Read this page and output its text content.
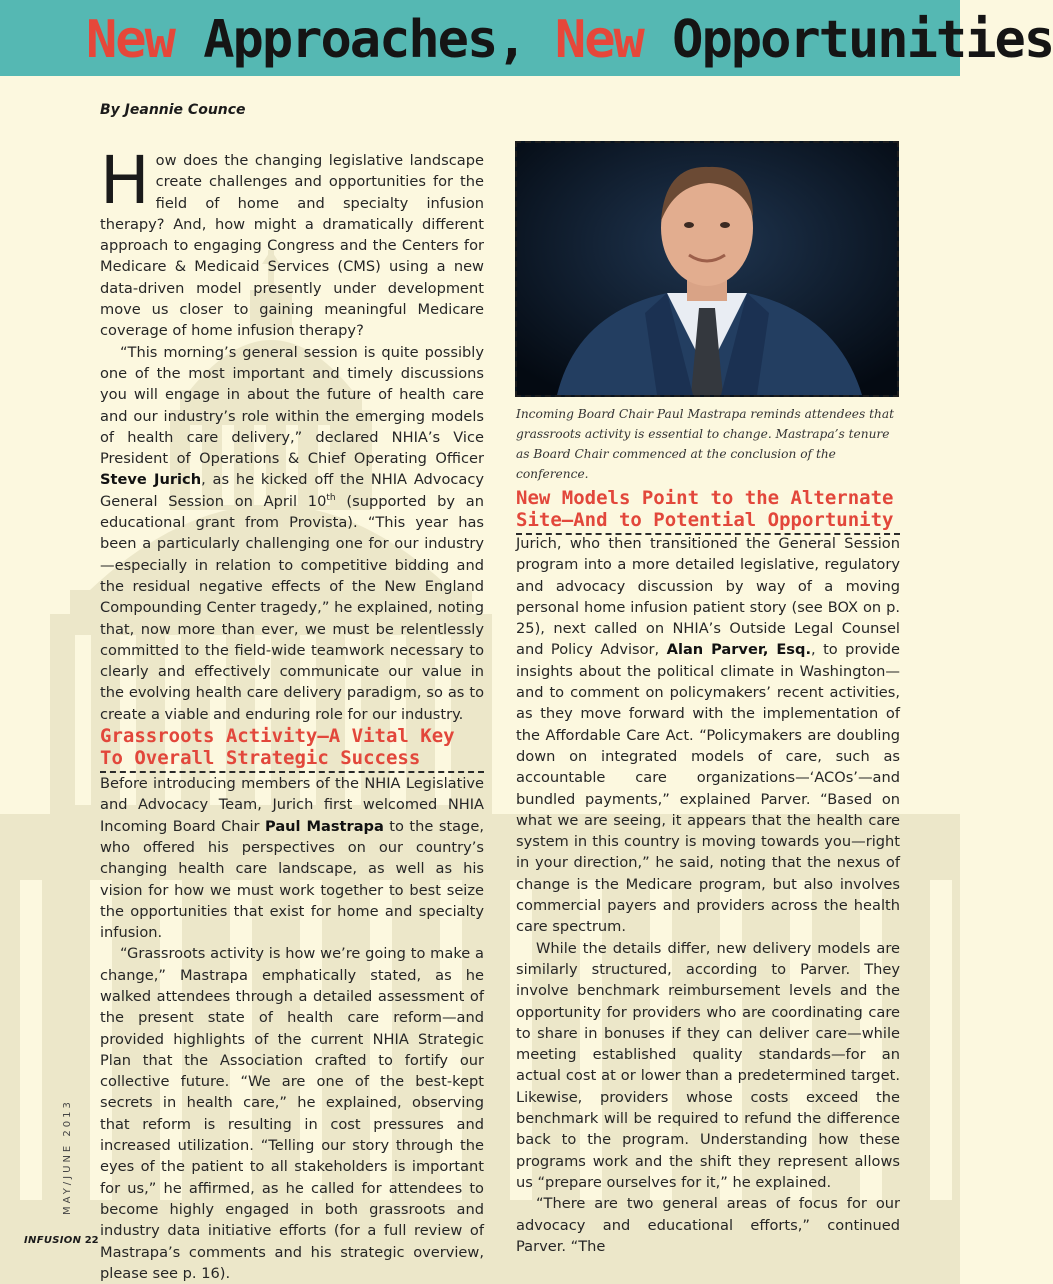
New Approaches, New Opportunities

By Jeannie Counce

How does the changing legislative landscape create challenges and opportunities for the field of home and specialty infusion therapy? And, how might a dramatically different approach to engaging Congress and the Centers for Medicare & Medicaid Services (CMS) using a new data-driven model presently under development move us closer to gaining meaningful Medicare coverage of home infusion therapy?

“This morning’s general session is quite possibly one of the most important and timely discussions you will engage in about the future of health care and our industry’s role within the emerging models of health care delivery,” declared NHIA’s Vice President of Operations & Chief Operating Officer Steve Jurich, as he kicked off the NHIA Advocacy General Session on April 10th (supported by an educational grant from Provista). “This year has been a particularly challenging one for our industry—especially in relation to competitive bidding and the residual negative effects of the New England Compounding Center tragedy,” he explained, noting that, now more than ever, we must be relentlessly committed to the field-wide teamwork necessary to clearly and effectively communicate our value in the evolving health care delivery paradigm, so as to create a viable and enduring role for our industry.

Grassroots Activity—A Vital Key To Overall Strategic Success

Before introducing members of the NHIA Legislative and Advocacy Team, Jurich first welcomed NHIA Incoming Board Chair Paul Mastrapa to the stage, who offered his perspectives on our country’s changing health care landscape, as well as his vision for how we must work together to best seize the opportunities that exist for home and specialty infusion.

“Grassroots activity is how we’re going to make a change,” Mastrapa emphatically stated, as he walked attendees through a detailed assessment of the present state of health care reform—and provided highlights of the current NHIA Strategic Plan that the Association crafted to fortify our collective future. “We are one of the best-kept secrets in health care,” he explained, observing that reform is resulting in cost pressures and increased utilization. “Telling our story through the eyes of the patient to all stakeholders is important for us,” he affirmed, as he called for attendees to become highly engaged in both grassroots and industry data initiative efforts (for a full review of Mastrapa’s comments and his strategic overview, please see p. 16).

Incoming Board Chair Paul Mastrapa reminds attendees that grassroots activity is essential to change. Mastrapa’s tenure as Board Chair commenced at the conclusion of the conference.

New Models Point to the Alternate Site—And to Potential Opportunity

Jurich, who then transitioned the General Session program into a more detailed legislative, regulatory and advocacy discussion by way of a moving personal home infusion patient story (see BOX on p. 25), next called on NHIA’s Outside Legal Counsel and Policy Advisor, Alan Parver, Esq., to provide insights about the political climate in Washington—and to comment on policymakers’ recent activities, as they move forward with the implementation of the Affordable Care Act. “Policymakers are doubling down on integrated models of care, such as accountable care organizations—‘ACOs’—and bundled payments,” explained Parver. “Based on what we are seeing, it appears that the health care system in this country is moving towards you—right in your direction,” he said, noting that the nexus of change is the Medicare program, but also involves commercial payers and providers across the health care spectrum.

While the details differ, new delivery models are similarly structured, according to Parver. They involve benchmark reimbursement levels and the opportunity for providers who are coordinating care to share in bonuses if they can deliver care—while meeting established quality standards—for an actual cost at or lower than a predetermined target. Likewise, providers whose costs exceed the benchmark will be required to refund the difference back to the program. Understanding how these programs work and the shift they represent allows us “prepare ourselves for it,” he explained.

“There are two general areas of focus for our advocacy and educational efforts,” continued Parver. “The

MAY/JUNE 2013

INFUSION 22
